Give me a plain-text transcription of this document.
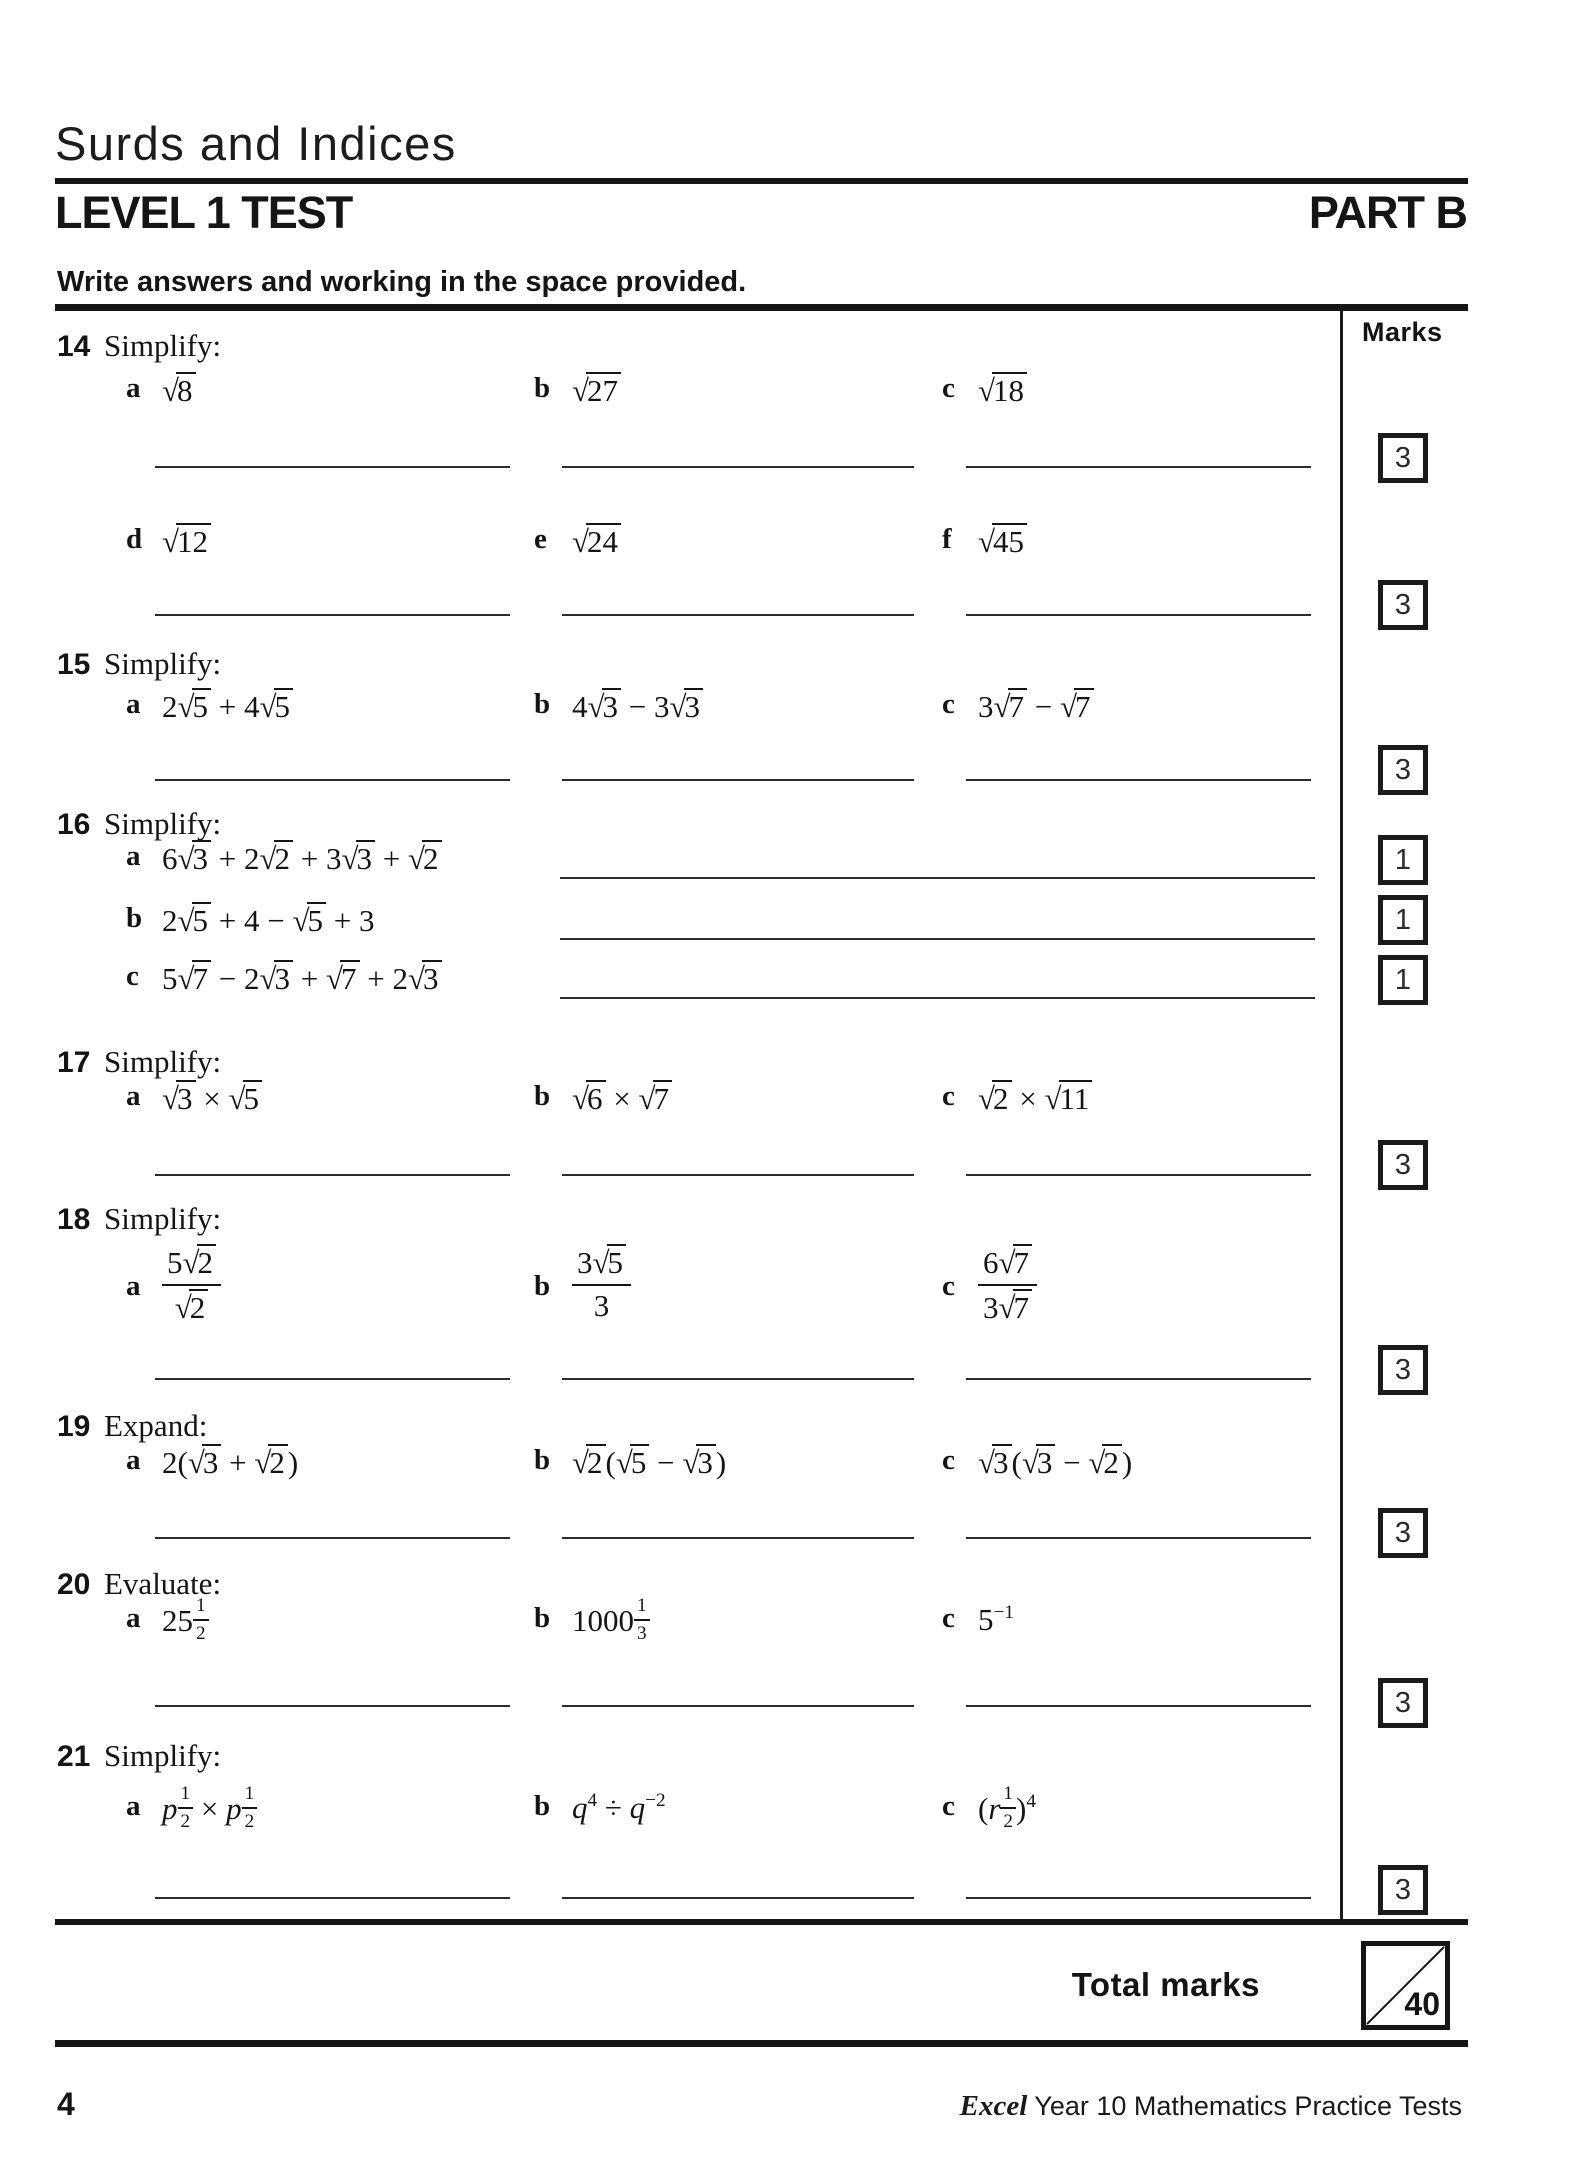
Surds and Indices
LEVEL 1 TEST	PART B
Write answers and working in the space provided.
Marks
14 Simplify:
a √8	b √27	c √18
3
d √12	e √24	f √45
3
15 Simplify:
a 2√5 + 4√5	b 4√3 − 3√3	c 3√7 − √7
3
16 Simplify:
a 6√3 + 2√2 + 3√3 + √2	1
b 2√5 + 4 − √5 + 3	1
c 5√7 − 2√3 + √7 + 2√3	1
17 Simplify:
a √3 × √5	b √6 × √7	c √2 × √11
3
18 Simplify:
a $\frac{5√2}{√2}$	b $\frac{3√5}{3}$	c $\frac{6√7}{3√7}$
3
19 Expand:
a 2(√3 + √2)	b √2(√5 − √3)	c √3(√3 − √2)
3
20 Evaluate:
a $25 \frac{1}{2}$	b $1000 \frac{1}{3}$	c 5−1
3
21 Simplify:
a p $\frac{1}{2} \times p \frac{1}{2}$	b q4 ÷ q−2	c $(r \frac{1}{2} )4$
3
Total marks
40
4	Excel Year 10 Mathematics Practice Tests
